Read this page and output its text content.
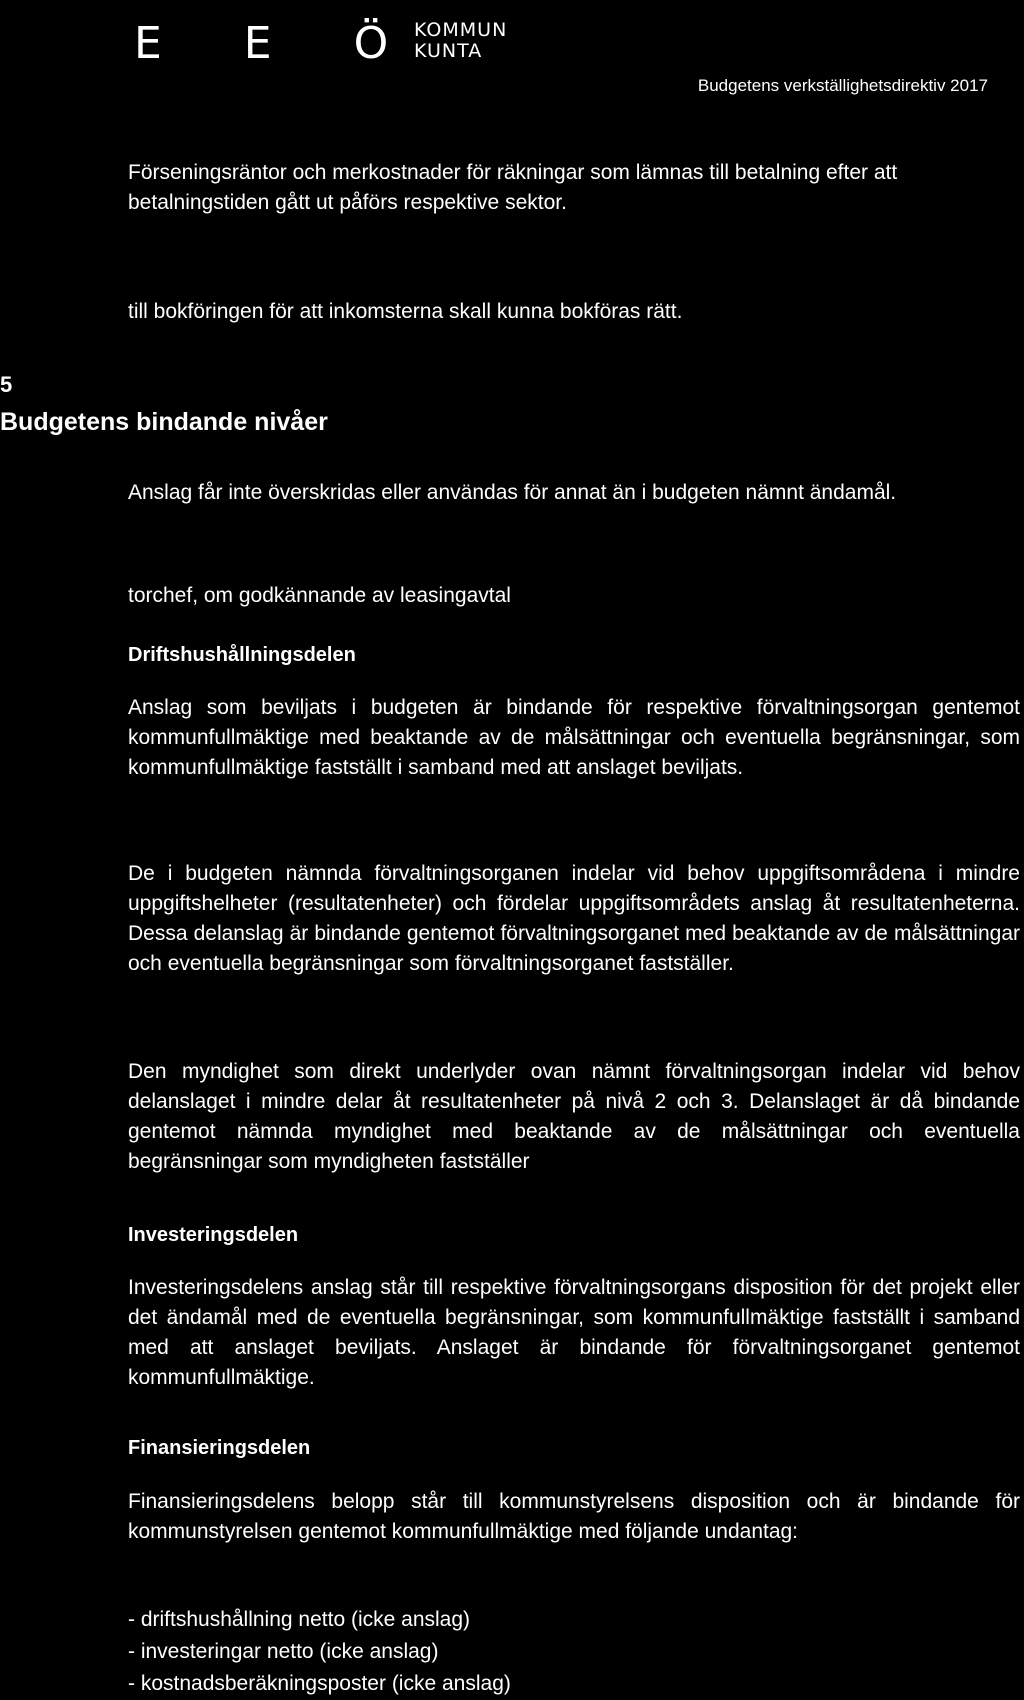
E E Ö
KOMMUN
KUNTA
Budgetens verkställighetsdirektiv 2017

Förseningsräntor och merkostnader för räkningar som lämnas till betalning efter att betalningstiden gått ut påförs respektive sektor.

till bokföringen för att inkomsterna skall kunna bokföras rätt.

5
Budgetens bindande nivåer

Anslag får inte överskridas eller användas för annat än i budgeten nämnt ändamål.

torchef, om godkännande av leasingavtal

Driftshushållningsdelen

Anslag som beviljats i budgeten är bindande för respektive förvaltningsorgan gentemot kommunfullmäktige med beaktande av de målsättningar och eventuella begränsningar, som kommunfullmäktige fastställt i samband med att anslaget beviljats.

De i budgeten nämnda förvaltningsorganen indelar vid behov uppgiftsområdena i mindre uppgiftshelheter (resultatenheter) och fördelar uppgiftsområdets anslag åt resultatenheterna. Dessa delanslag är bindande gentemot förvaltningsorganet med beaktande av de målsättningar och eventuella begränsningar som förvaltningsorganet fastställer.

Den myndighet som direkt underlyder ovan nämnt förvaltningsorgan indelar vid behov delanslaget i mindre delar åt resultatenheter på nivå 2 och 3. Delanslaget är då bindande gentemot nämnda myndighet med beaktande av de målsättningar och eventuella begränsningar som myndigheten fastställer

Investeringsdelen

Investeringsdelens anslag står till respektive förvaltningsorgans disposition för det projekt eller det ändamål med de eventuella begränsningar, som kommunfullmäktige fastställt i samband med att anslaget beviljats. Anslaget är bindande för förvaltningsorganet gentemot kommunfullmäktige.

Finansieringsdelen

Finansieringsdelens belopp står till kommunstyrelsens disposition och är bindande för kommunstyrelsen gentemot kommunfullmäktige med följande undantag:

- driftshushållning netto (icke anslag)
- investeringar netto (icke anslag)
- kostnadsberäkningsposter (icke anslag)
